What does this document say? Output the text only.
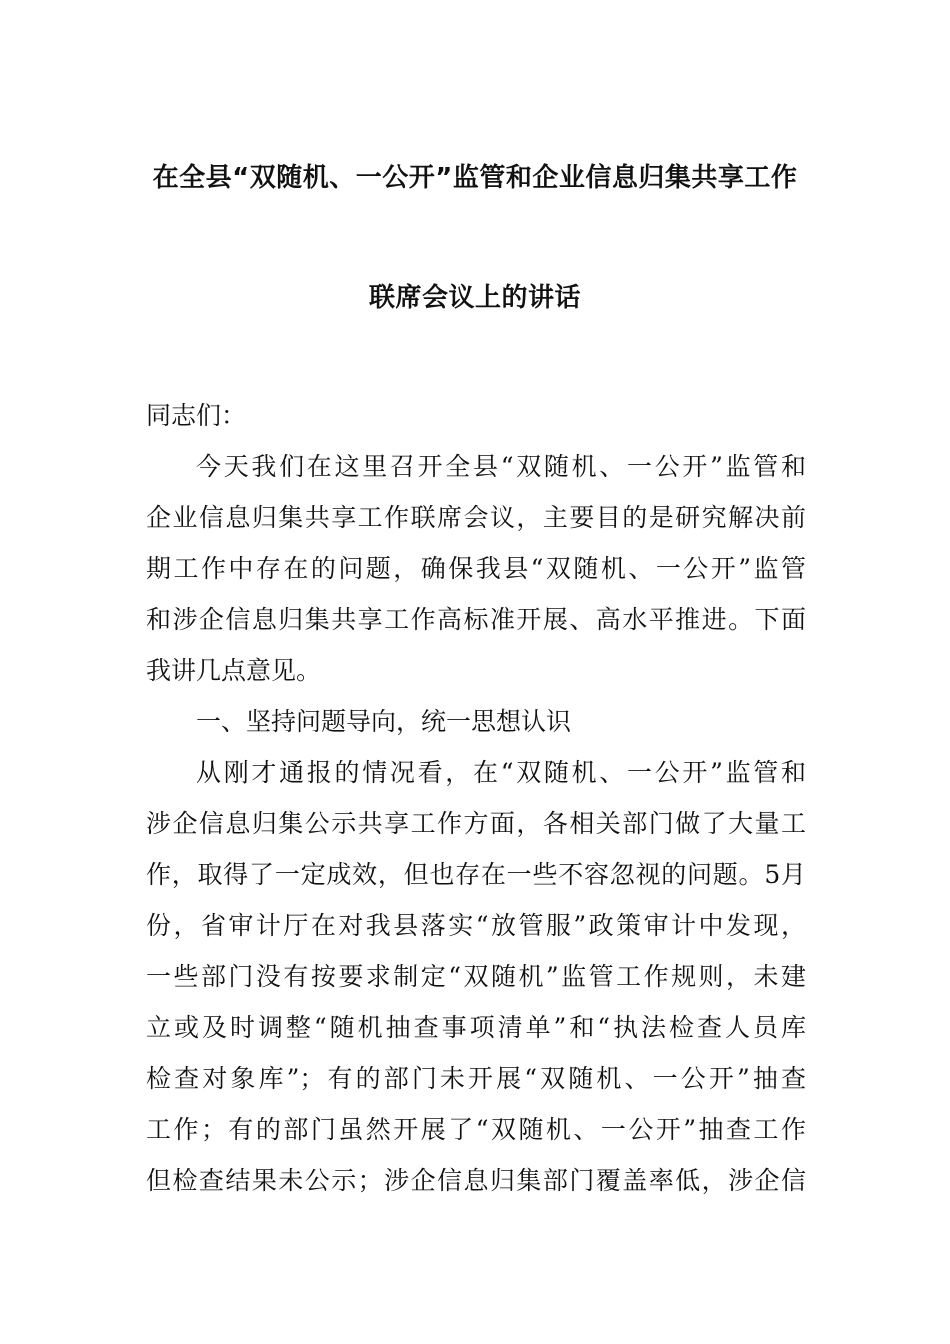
在全县“双随机、一公开”监管和企业信息归集共享工作
联席会议上的讲话

同志们：

今天我们在这里召开全县“双随机、一公开”监管和

企业信息归集共享工作联席会议，主要目的是研究解决前

期工作中存在的问题，确保我县“双随机、一公开”监管

和涉企信息归集共享工作高标准开展、高水平推进。下面

我讲几点意见。

一、坚持问题导向，统一思想认识

从刚才通报的情况看，在“双随机、一公开”监管和

涉企信息归集公示共享工作方面，各相关部门做了大量工

作，取得了一定成效，但也存在一些不容忽视的问题。5月

份，省审计厅在对我县落实“放管服”政策审计中发现，

一些部门没有按要求制定“双随机”监管工作规则，未建

立或及时调整“随机抽查事项清单”和“执法检查人员库

检查对象库”；有的部门未开展“双随机、一公开”抽查

工作；有的部门虽然开展了“双随机、一公开”抽查工作

但检查结果未公示；涉企信息归集部门覆盖率低，涉企信
